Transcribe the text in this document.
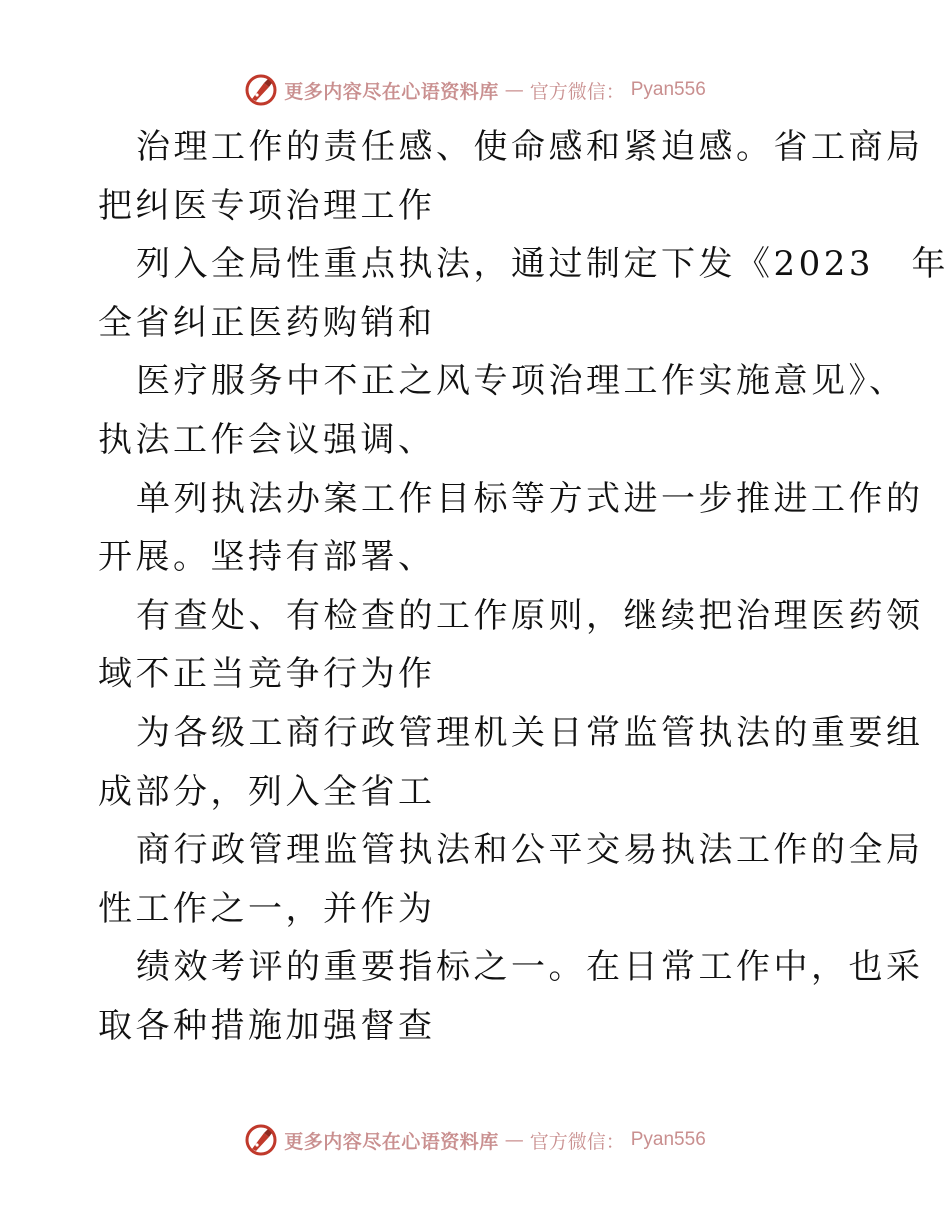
更多内容尽在心语资料库 — 官方微信： Pyan556
治理工作的责任感、使命感和紧迫感。省工商局
把纠医专项治理工作
列入全局性重点执法，通过制定下发《2023　年
全省纠正医药购销和
医疗服务中不正之风专项治理工作实施意见》、
执法工作会议强调、
单列执法办案工作目标等方式进一步推进工作的
开展。坚持有部署、
有查处、有检查的工作原则，继续把治理医药领
域不正当竞争行为作
为各级工商行政管理机关日常监管执法的重要组
成部分，列入全省工
商行政管理监管执法和公平交易执法工作的全局
性工作之一，并作为
绩效考评的重要指标之一。在日常工作中，也采
取各种措施加强督查
更多内容尽在心语资料库 — 官方微信： Pyan556
